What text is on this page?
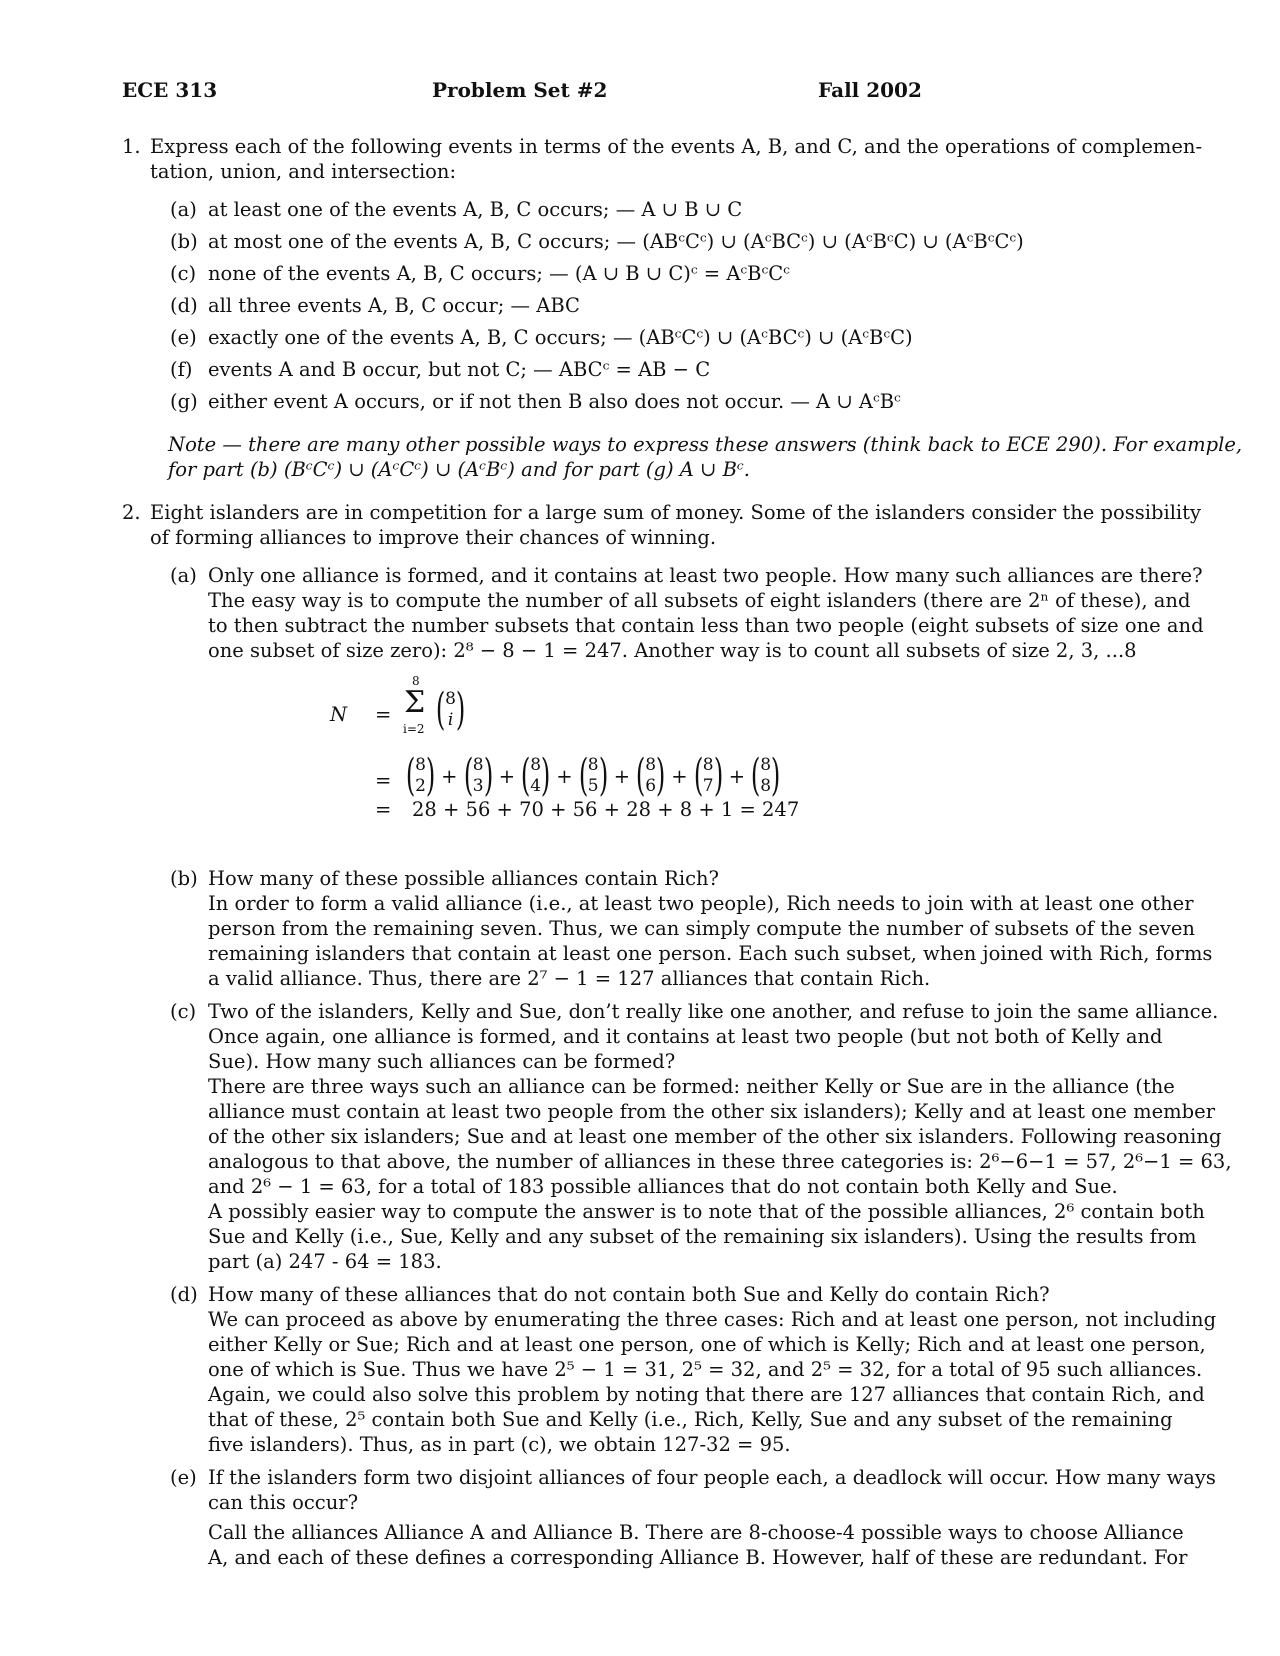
ECE 313	Problem Set #2	Fall 2002
1. Express each of the following events in terms of the events A, B, and C, and the operations of complemen-
tation, union, and intersection:
(a) at least one of the events A, B, C occurs; — A ∪ B ∪ C
(b) at most one of the events A, B, C occurs; — (ABᶜCᶜ) ∪ (AᶜBCᶜ) ∪ (AᶜBᶜC) ∪ (AᶜBᶜCᶜ)
(c) none of the events A, B, C occurs; — (A ∪ B ∪ C)ᶜ = AᶜBᶜCᶜ
(d) all three events A, B, C occur; — ABC
(e) exactly one of the events A, B, C occurs; — (ABᶜCᶜ) ∪ (AᶜBCᶜ) ∪ (AᶜBᶜC)
(f) events A and B occur, but not C; — ABCᶜ = AB − C
(g) either event A occurs, or if not then B also does not occur. — A ∪ AᶜBᶜ
Note — there are many other possible ways to express these answers (think back to ECE 290). For example,
for part (b) (BᶜCᶜ) ∪ (AᶜCᶜ) ∪ (AᶜBᶜ) and for part (g) A ∪ Bᶜ.
2. Eight islanders are in competition for a large sum of money. Some of the islanders consider the possibility
of forming alliances to improve their chances of winning.
(a) Only one alliance is formed, and it contains at least two people. How many such alliances are there?
The easy way is to compute the number of all subsets of eight islanders (there are 2ⁿ of these), and
to then subtract the number subsets that contain less than two people (eight subsets of size one and
one subset of size zero): 2⁸ − 8 − 1 = 247. Another way is to count all subsets of size 2, 3, ...8
N =
8
Σ
i=2 (8
i)
= (8
2) + (8
3) + (8
4) + (8
5) + (8
6) + (8
7) + (8
8)
= 28 + 56 + 70 + 56 + 28 + 8 + 1 = 247
(b) How many of these possible alliances contain Rich?
In order to form a valid alliance (i.e., at least two people), Rich needs to join with at least one other
person from the remaining seven. Thus, we can simply compute the number of subsets of the seven
remaining islanders that contain at least one person. Each such subset, when joined with Rich, forms
a valid alliance. Thus, there are 2⁷ − 1 = 127 alliances that contain Rich.
(c) Two of the islanders, Kelly and Sue, don’t really like one another, and refuse to join the same alliance.
Once again, one alliance is formed, and it contains at least two people (but not both of Kelly and
Sue). How many such alliances can be formed?
There are three ways such an alliance can be formed: neither Kelly or Sue are in the alliance (the
alliance must contain at least two people from the other six islanders); Kelly and at least one member
of the other six islanders; Sue and at least one member of the other six islanders. Following reasoning
analogous to that above, the number of alliances in these three categories is: 2⁶−6−1 = 57, 2⁶−1 = 63,
and 2⁶ − 1 = 63, for a total of 183 possible alliances that do not contain both Kelly and Sue.
A possibly easier way to compute the answer is to note that of the possible alliances, 2⁶ contain both
Sue and Kelly (i.e., Sue, Kelly and any subset of the remaining six islanders). Using the results from
part (a) 247 - 64 = 183.
(d) How many of these alliances that do not contain both Sue and Kelly do contain Rich?
We can proceed as above by enumerating the three cases: Rich and at least one person, not including
either Kelly or Sue; Rich and at least one person, one of which is Kelly; Rich and at least one person,
one of which is Sue. Thus we have 2⁵ − 1 = 31, 2⁵ = 32, and 2⁵ = 32, for a total of 95 such alliances.
Again, we could also solve this problem by noting that there are 127 alliances that contain Rich, and
that of these, 2⁵ contain both Sue and Kelly (i.e., Rich, Kelly, Sue and any subset of the remaining
five islanders). Thus, as in part (c), we obtain 127-32 = 95.
(e) If the islanders form two disjoint alliances of four people each, a deadlock will occur. How many ways
can this occur?
Call the alliances Alliance A and Alliance B. There are 8-choose-4 possible ways to choose Alliance
A, and each of these defines a corresponding Alliance B. However, half of these are redundant. For
